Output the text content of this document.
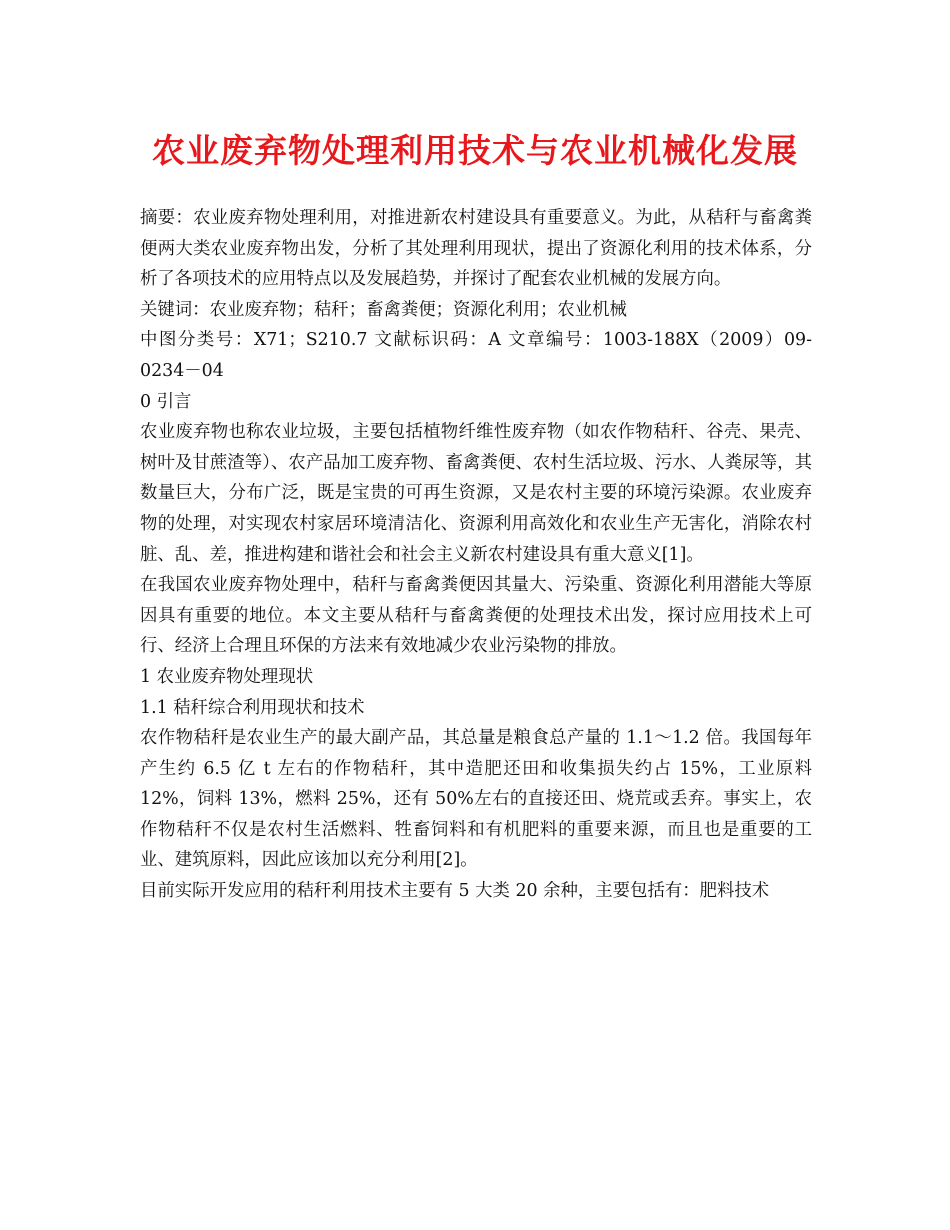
农业废弃物处理利用技术与农业机械化发展

摘要：农业废弃物处理利用，对推进新农村建设具有重要意义。为此，从秸秆与畜禽粪便两大类农业废弃物出发，分析了其处理利用现状，提出了资源化利用的技术体系，分析了各项技术的应用特点以及发展趋势，并探讨了配套农业机械的发展方向。

关键词：农业废弃物；秸秆；畜禽粪便；资源化利用；农业机械

中图分类号：X71；S210.7 文献标识码：A 文章编号：1003-188X（2009）09-0234－04

0 引言

农业废弃物也称农业垃圾，主要包括植物纤维性废弃物（如农作物秸秆、谷壳、果壳、树叶及甘蔗渣等）、农产品加工废弃物、畜禽粪便、农村生活垃圾、污水、人粪尿等，其数量巨大，分布广泛，既是宝贵的可再生资源，又是农村主要的环境污染源。农业废弃物的处理，对实现农村家居环境清洁化、资源利用高效化和农业生产无害化，消除农村脏、乱、差，推进构建和谐社会和社会主义新农村建设具有重大意义[1]。

在我国农业废弃物处理中，秸秆与畜禽粪便因其量大、污染重、资源化利用潜能大等原因具有重要的地位。本文主要从秸秆与畜禽粪便的处理技术出发，探讨应用技术上可行、经济上合理且环保的方法来有效地减少农业污染物的排放。

1 农业废弃物处理现状

1.1 秸秆综合利用现状和技术

农作物秸秆是农业生产的最大副产品，其总量是粮食总产量的 1.1～1.2 倍。我国每年产生约 6.5 亿 t 左右的作物秸秆，其中造肥还田和收集损失约占 15%，工业原料 12%，饲料 13%，燃料 25%，还有 50%左右的直接还田、烧荒或丢弃。事实上，农作物秸秆不仅是农村生活燃料、牲畜饲料和有机肥料的重要来源，而且也是重要的工业、建筑原料，因此应该加以充分利用[2]。

目前实际开发应用的秸秆利用技术主要有 5 大类 20 余种，主要包括有：肥料技术
